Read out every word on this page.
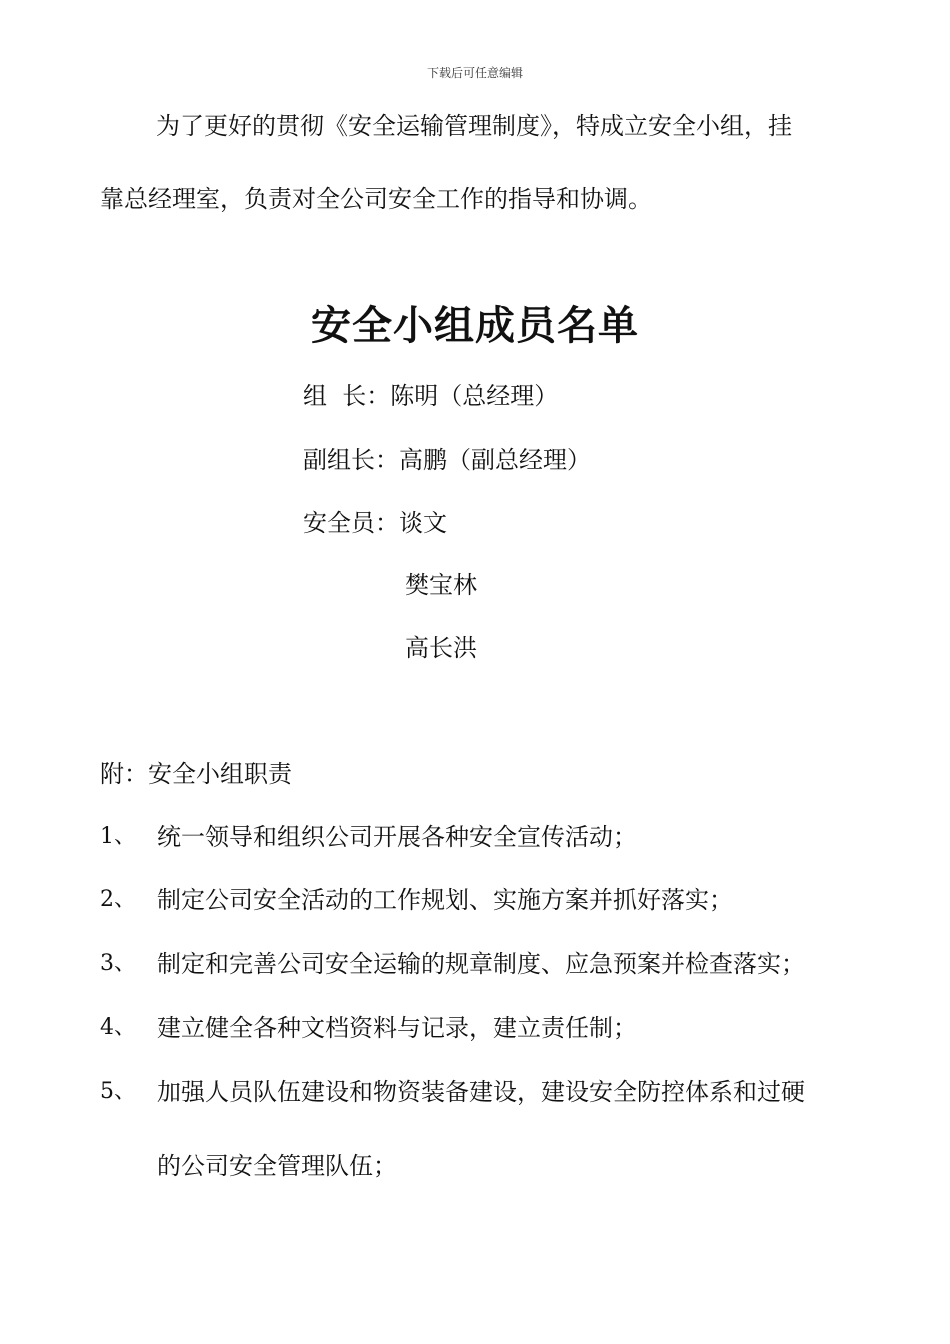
下载后可任意编辑
为了更好的贯彻《安全运输管理制度》，特成立安全小组，挂
靠总经理室，负责对全公司安全工作的指导和协调。
安全小组成员名单
组  长：陈明（总经理）
副组长：高鹏（副总经理）
安全员：谈文
樊宝林
高长洪
附：安全小组职责
1、 统一领导和组织公司开展各种安全宣传活动；
2、 制定公司安全活动的工作规划、实施方案并抓好落实；
3、 制定和完善公司安全运输的规章制度、应急预案并检查落实；
4、 建立健全各种文档资料与记录，建立责任制；
5、 加强人员队伍建设和物资装备建设，建设安全防控体系和过硬
的公司安全管理队伍；
